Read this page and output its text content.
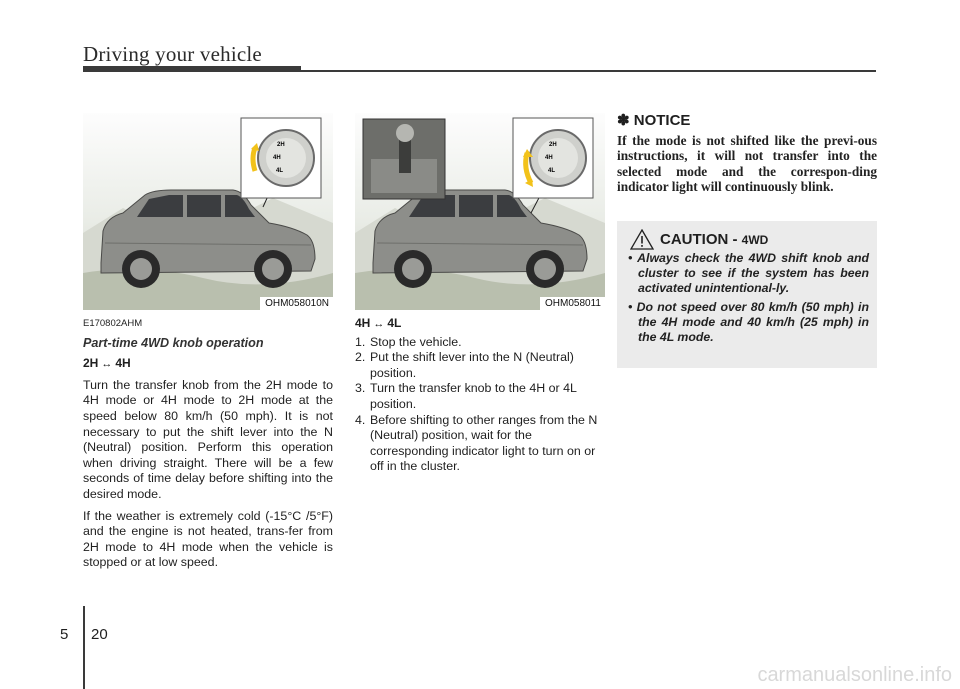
Driving your vehicle
2H
4H
4L
OHM058010N
2H
4H
4L
OHM058011
E170802AHM
Part-time 4WD knob operation
2H ↔ 4H

Turn the transfer knob from the 2H mode to 4H mode or 4H mode to 2H mode at the speed below 80 km/h (50 mph). It is not necessary to put the shift lever into the N (Neutral) position. Perform this operation when driving straight. There will be a few seconds of time delay before shifting into the desired mode.

If the weather is extremely cold (-15°C /5°F) and the engine is not heated, trans-fer from 2H mode to 4H mode when the vehicle is stopped or at low speed.

4H ↔ 4L
1. Stop the vehicle.
2. Put the shift lever into the N (Neutral) position.
3. Turn the transfer knob to the 4H or 4L position.
4. Before shifting to other ranges from the N (Neutral) position, wait for the corresponding indicator light to turn on or off in the cluster.
✽ NOTICE
If the mode is not shifted like the previ-ous instructions, it will not transfer into the selected mode and the correspon-ding indicator light will continuously blink.
CAUTION - 4WD
• Always check the 4WD shift knob and cluster to see if the system has been activated unintentional-ly.
• Do not speed over 80 km/h (50 mph) in the 4H mode and 40 km/h (25 mph) in the 4L mode.
5 20
carmanualsonline.info
